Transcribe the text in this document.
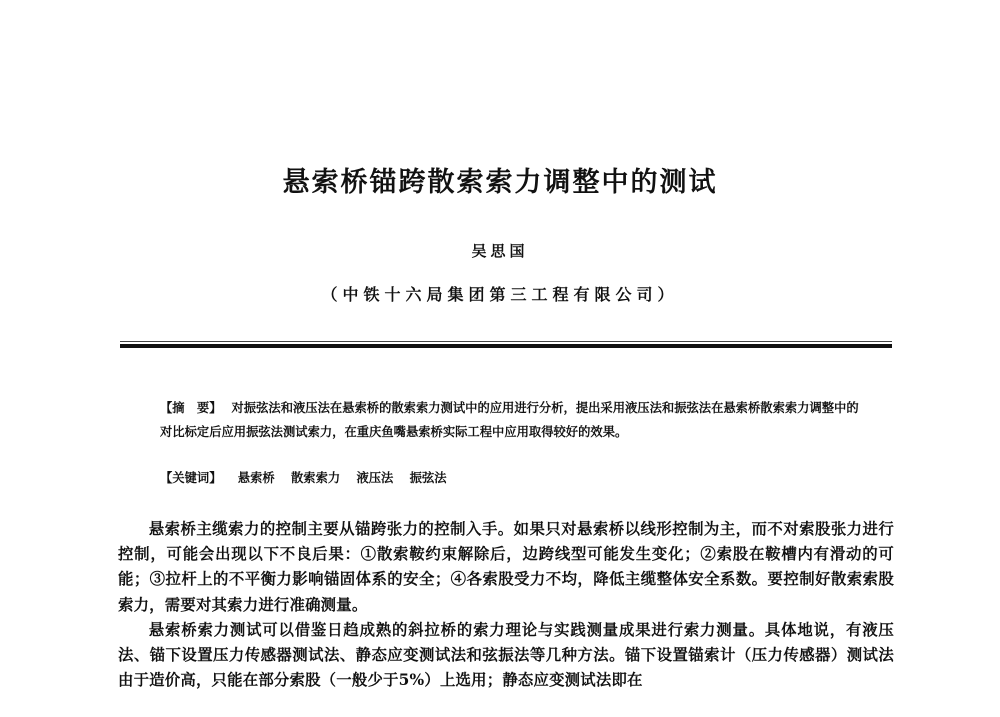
悬索桥锚跨散索索力调整中的测试
吴思国
（中铁十六局集团第三工程有限公司）
【摘　要】 对振弦法和液压法在悬索桥的散索索力测试中的应用进行分析，提出采用液压法和振弦法在悬索桥散索索力调整中的对比标定后应用振弦法测试索力，在重庆鱼嘴悬索桥实际工程中应用取得较好的效果。
【关键词】 悬索桥 散索索力 液压法 振弦法

悬索桥主缆索力的控制主要从锚跨张力的控制入手。如果只对悬索桥以线形控制为主，而不对索股张力进行控制，可能会出现以下不良后果：①散索鞍约束解除后，边跨线型可能发生变化；②索股在鞍槽内有滑动的可能；③拉杆上的不平衡力影响锚固体系的安全；④各索股受力不均，降低主缆整体安全系数。要控制好散索索股索力，需要对其索力进行准确测量。

悬索桥索力测试可以借鉴日趋成熟的斜拉桥的索力理论与实践测量成果进行索力测量。具体地说，有液压法、锚下设置压力传感器测试法、静态应变测试法和弦振法等几种方法。锚下设置锚索计（压力传感器）测试法由于造价高，只能在部分索股（一般少于5%）上选用；静态应变测试法即在
